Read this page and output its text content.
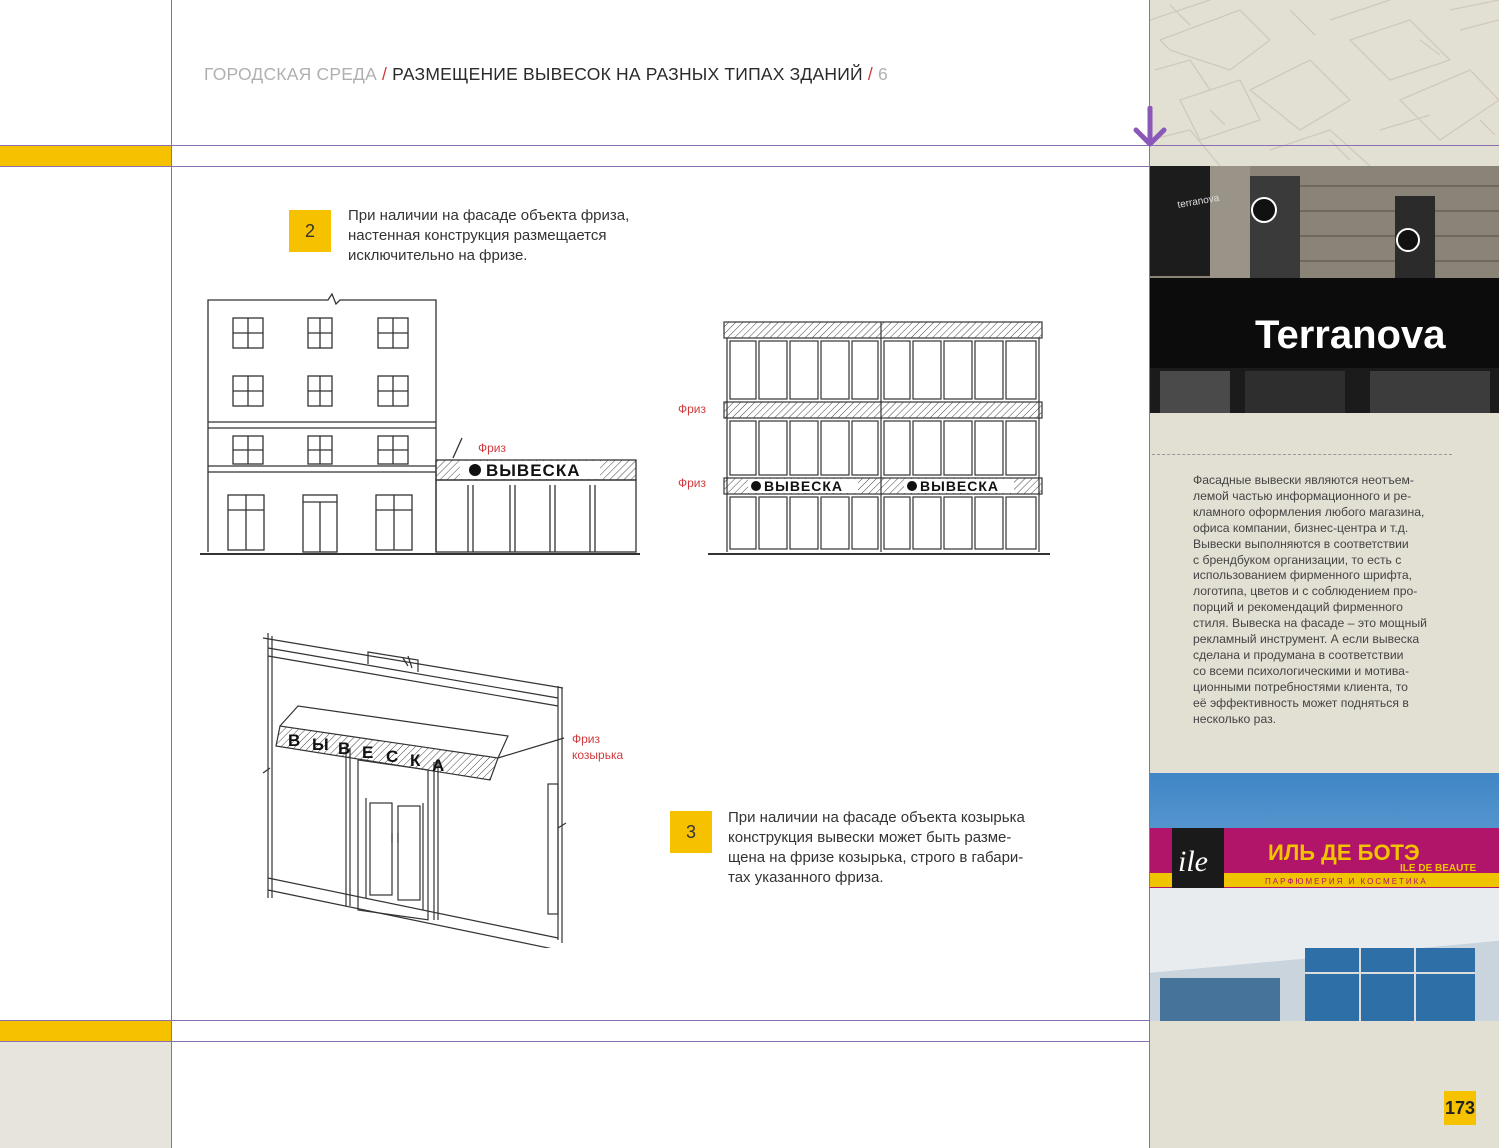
ГОРОДСКАЯ СРЕДА / РАЗМЕЩЕНИЕ ВЫВЕСОК НА РАЗНЫХ ТИПАХ ЗДАНИЙ / 6
2
При наличии на фасаде объекта фриза,
настенная конструкция размещается
исключительно на фризе.
3
При наличии на фасаде объекта козырька
конструкция вывески может быть разме-
щена на фризе козырька, строго в габари-
тах указанного фриза.
ВЫВЕСКА
Фриз
ВЫВЕСКА	ВЫВЕСКА
Фриз
Фриз
В Ы В Е С К А
Фриз
козырька
Terranova
terranova
Фасадные вывески являются неотъем-
лемой частью информационного и ре-
кламного оформления любого магазина,
офиса компании, бизнес-центра и т.д.
Вывески выполняются в соответствии
с брендбуком организации, то есть с
использованием фирменного шрифта,
логотипа, цветов и с соблюдением про-
порций и рекомендаций фирменного
стиля. Вывеска на фасаде – это мощный
рекламный инструмент. А если вывеска
сделана и продумана в соответствии
со всеми психологическими и мотива-
ционными потребностями клиента, то
её эффективность может подняться в
несколько раз.
ile	ИЛЬ ДЕ БОТЭ
ILE DE BEAUTE
ПАРФЮМЕРИЯ И КОСМЕТИКА
173
